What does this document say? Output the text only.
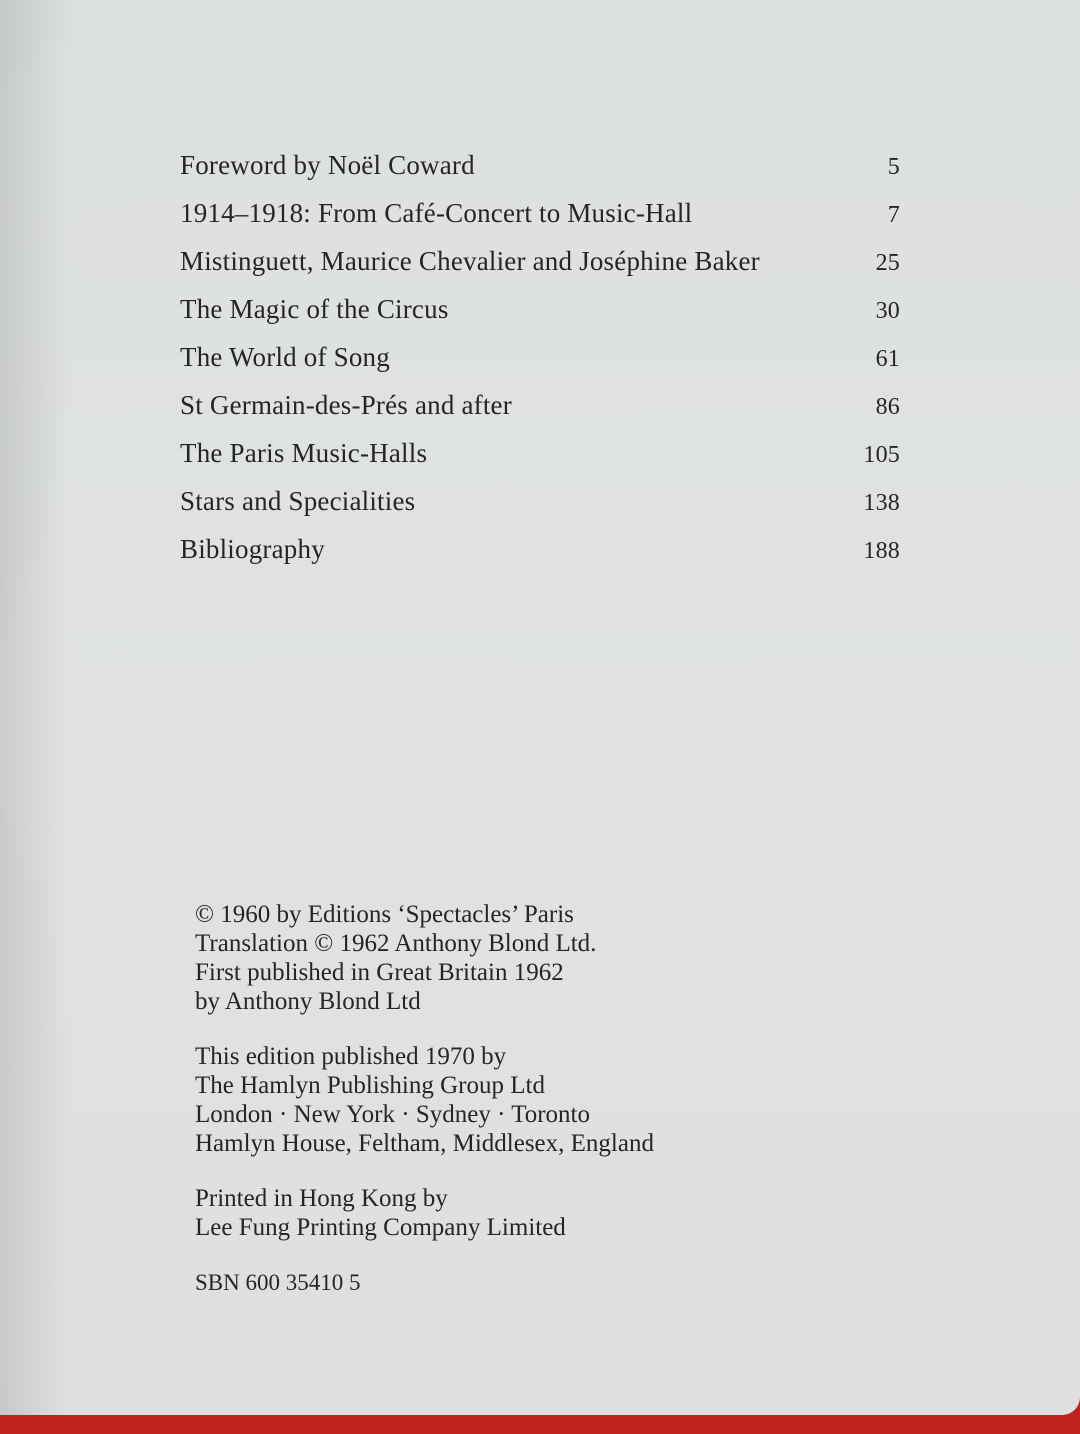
Foreword by Noël Coward	5
1914–1918: From Café-Concert to Music-Hall	7
Mistinguett, Maurice Chevalier and Joséphine Baker	25
The Magic of the Circus	30
The World of Song	61
St Germain-des-Prés and after	86
The Paris Music-Halls	105
Stars and Specialities	138
Bibliography	188
© 1960 by Editions ‘Spectacles’ Paris
Translation © 1962 Anthony Blond Ltd.
First published in Great Britain 1962
by Anthony Blond Ltd
This edition published 1970 by
The Hamlyn Publishing Group Ltd
London · New York · Sydney · Toronto
Hamlyn House, Feltham, Middlesex, England
Printed in Hong Kong by
Lee Fung Printing Company Limited
SBN 600 35410 5
